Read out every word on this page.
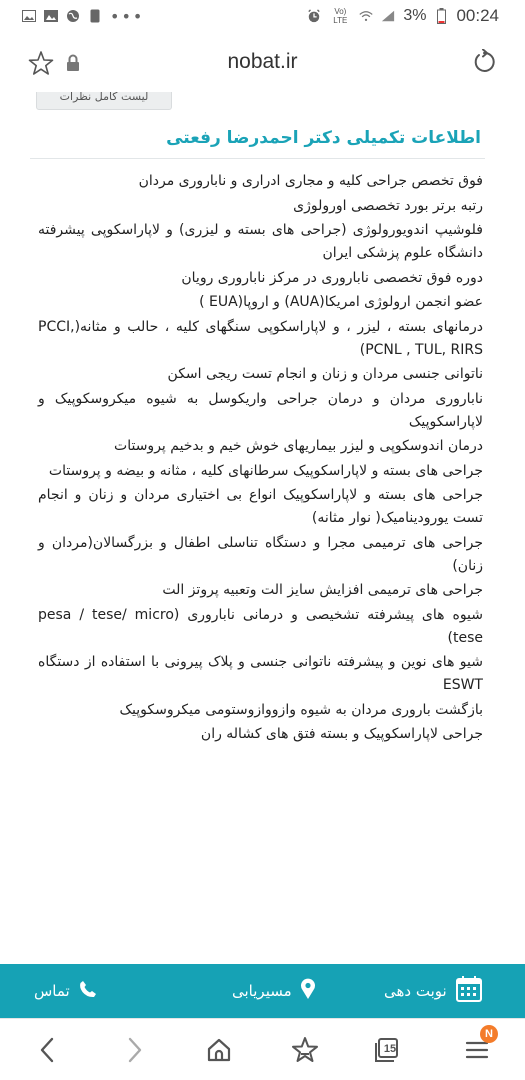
•••	Vo) LTE	3% 00:24
nobat.ir
لیست کامل نظرات
اطلاعات تکمیلی دکتر احمدرضا رفعتی
فوق تخصص جراحی کلیه و مجاری ادراری و ناباروری مردان
رتبه برتر بورد تخصصی اورولوژی
فلوشیپ اندویورولوژی (جراحی های بسته و لیزری) و لاپاراسکوپی پیشرفته دانشگاه علوم پزشکی ایران
دوره فوق تخصصی ناباروری در مرکز ناباروری رویان
عضو انجمن ارولوژی امریکا(AUA) و اروپا(EUA )
درمانهای بسته ، لیزر ، و لاپاراسکوپی سنگهای کلیه ، حالب و مثانه(PCCI, PCNL , TUL, RIRS)
ناتوانی جنسی مردان و زنان و انجام تست ریجی اسکن
ناباروری مردان و درمان جراحی واریکوسل به شیوه میکروسکوپیک و لاپاراسکوپیک
درمان اندوسکوپی و لیزر بیماریهای خوش خیم و بدخیم پروستات
جراحی های بسته و لاپاراسکوپیک سرطانهای کلیه ، مثانه و بیضه و پروستات
جراحی های بسته و لاپاراسکوپیک انواع بی اختیاری مردان و زنان و انجام تست یورودینامیک( نوار مثانه)
جراحی های ترمیمی مجرا و دستگاه تناسلی اطفال و بزرگسالان(مردان و زنان)
جراحی های ترمیمی افزایش سایز الت وتعبیه پروتز الت
شیوه های پیشرفته تشخیصی و درمانی ناباروری (pesa / tese/ micro tese)
شیو های نوین و پیشرفته ناتوانی جنسی و پلاک پیرونی با استفاده از دستگاه ESWT
بازگشت باروری مردان به شیوه وازووازوستومی میکروسکوپیک
جراحی لاپاراسکوپیک و بسته فتق های کشاله ران
تماس	مسیریابی	نوبت دهی
15
N
